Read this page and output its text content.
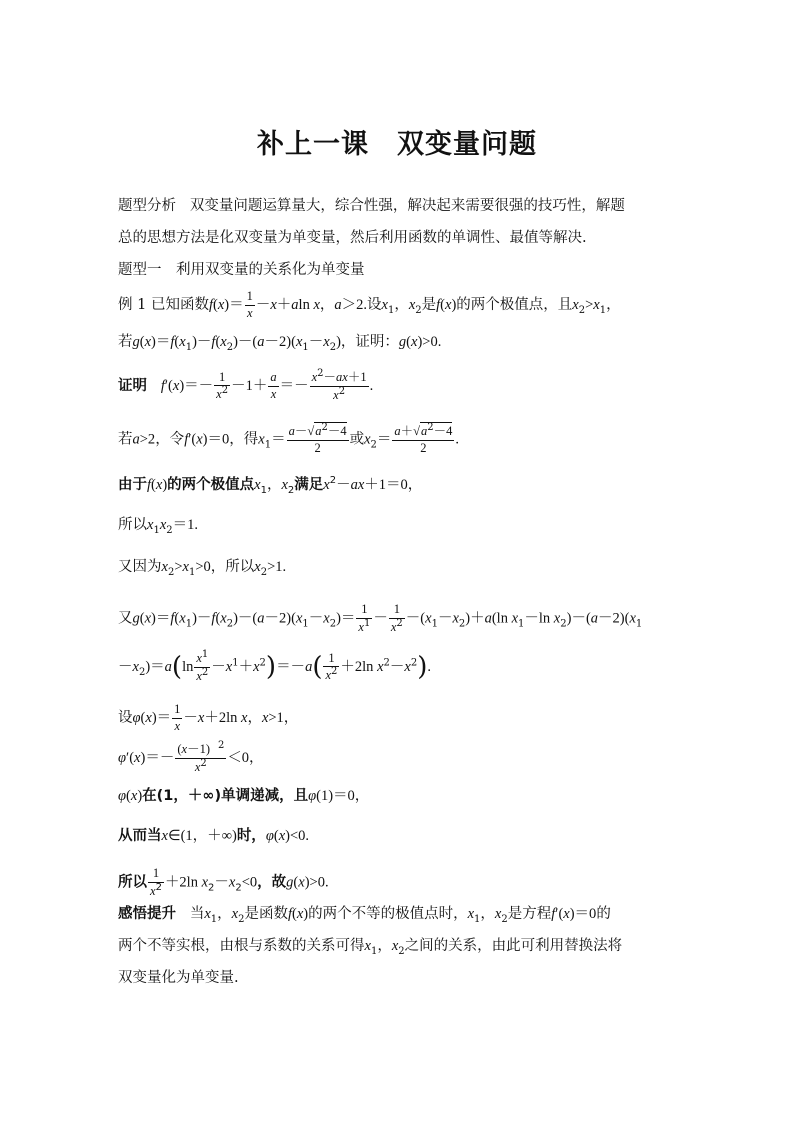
补上一课　双变量问题
题型分析 双变量问题运算量大，综合性强，解决起来需要很强的技巧性，解题
总的思想方法是化双变量为单变量，然后利用函数的单调性、最值等解决.
题型一　利用双变量的关系化为单变量
例 1 已知函数$f(x)= \frac{1}{x} -x+aln$ x，a＞2.设$x_1$，$x_2$是f(x)的两个极值点，且$x_2>x_1$，
若$g(x)=f(x_1)-f(x_2)-(a-2)(x_1-x_2)$，证明：g(x)>0.
证明 $f'(x)=- \frac{1}{x^2} -1+ \frac{a}{x} =- \frac{x^2-ax+1}{x^2}$ .
若a>2，令f′(x)＝0，得$x_1= \frac{a-√a^2-4}{2}$ 或$x_2= \frac{a+√a^2-4}{2}$ .
由于f(x)的两个极值点$x_1$，$x_2$满足$x^2-ax+1=0$，
所以$x_1x_2=1$.
又因为$x_2>x_1>0$，所以$x_2>1$.
又$g(x)=f(x_1)-f(x_2)-(a-2)(x_1-x_2)= \frac{1}{x^1} - \frac{1}{x^2} -(x_1-x_2)+a(\ln$ $x_1-\ln$ $x_2)-(a-2)(x_1$
$-x_2)=a(\ln \frac{x^1}{x^2} -x^1+x^2)=-a( \frac{1}{x^2} +2\ln$ $x^2-x^2$).
设$\varphi(x)= \frac{1}{x} -x+2\ln$ x，x>1，
$\varphi'(x)=- \frac{(x-1) ^2}{x^2} <0$，
φ(x)在(1，＋∞)单调递减，且φ(1)＝0，
从而当x∈(1，＋∞)时，φ(x)<0.
所以 $\frac{1}{x^2} +2\ln$ $x_2-x_2<0$，故g(x)>0.
感悟提升 当$x_1$，$x_2$是函数f(x)的两个不等的极值点时，$x_1$，$x_2$是方程f′(x)＝0的
两个不等实根，由根与系数的关系可得$x_1$，$x_2$之间的关系，由此可利用替换法将
双变量化为单变量.
